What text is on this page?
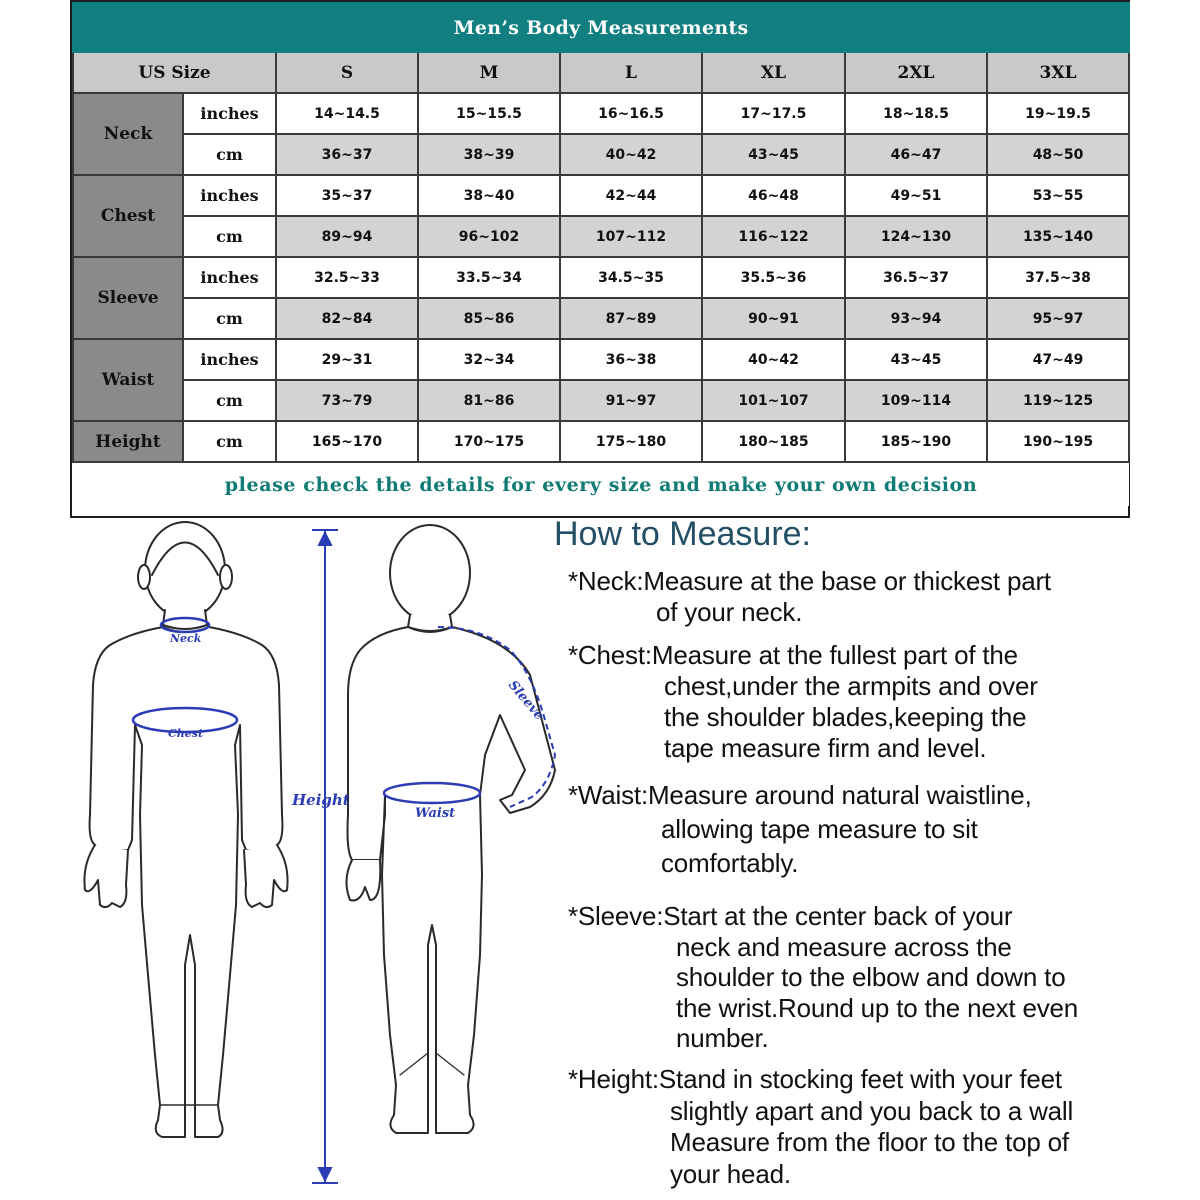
Men’s Body Measurements							
US Size		S	M	L	XL	2XL	3XL
Neck	inches	14~14.5	15~15.5	16~16.5	17~17.5	18~18.5	19~19.5
	cm	36~37	38~39	40~42	43~45	46~47	48~50
Chest	inches	35~37	38~40	42~44	46~48	49~51	53~55
	cm	89~94	96~102	107~112	116~122	124~130	135~140
Sleeve	inches	32.5~33	33.5~34	34.5~35	35.5~36	36.5~37	37.5~38
	cm	82~84	85~86	87~89	90~91	93~94	95~97
Waist	inches	29~31	32~34	36~38	40~42	43~45	47~49
	cm	73~79	81~86	91~97	101~107	109~114	119~125
Height	cm	165~170	170~175	175~180	180~185	185~190	190~195
please check the details for every size and make your own decision							
Neck
Chest
Height
Sleeve
Waist
How to Measure:
*Neck:Measure at the base or thickest part
of your neck.
*Chest:Measure at the fullest part of the
chest,under the armpits and over
the shoulder blades,keeping the
tape measure firm and level.
*Waist:Measure around natural waistline,
allowing tape measure to sit
comfortably.
*Sleeve:Start at the center back of your
neck and measure across the
shoulder to the elbow and down to
the wrist.Round up to the next even
number.
*Height:Stand in stocking feet with your feet
slightly apart and you back to a wall
Measure from the floor to the top of
your head.
